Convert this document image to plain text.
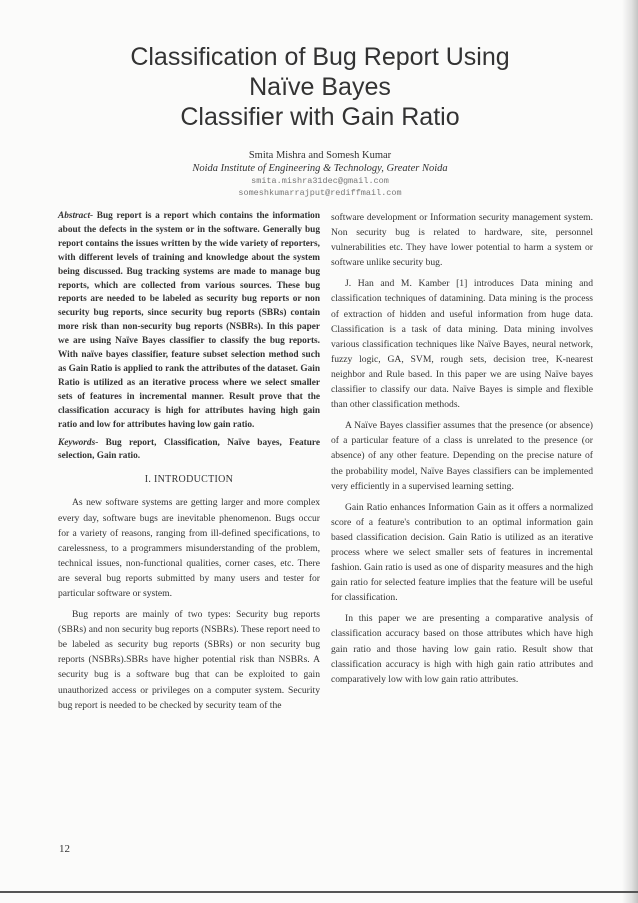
Classification of Bug Report Using
Naïve Bayes
Classifier with Gain Ratio
Smita Mishra and Somesh Kumar
Noida Institute of Engineering & Technology, Greater Noida
smita.mishra31dec@gmail.com
someshkumarrajput@rediffmail.com

Abstract- Bug report is a report which contains the information about the defects in the system or in the software. Generally bug report contains the issues written by the wide variety of reporters, with different levels of training and knowledge about the system being discussed. Bug tracking systems are made to manage bug reports, which are collected from various sources. These bug reports are needed to be labeled as security bug reports or non security bug reports, since security bug reports (SBRs) contain more risk than non-security bug reports (NSBRs). In this paper we are using Naïve Bayes classifier to classify the bug reports. With naïve bayes classifier, feature subset selection method such as Gain Ratio is applied to rank the attributes of the dataset. Gain Ratio is utilized as an iterative process where we select smaller sets of features in incremental manner. Result prove that the classification accuracy is high for attributes having high gain ratio and low for attributes having low gain ratio.

Keywords- Bug report, Classification, Naïve bayes, Feature selection, Gain ratio.

I. INTRODUCTION

As new software systems are getting larger and more complex every day, software bugs are inevitable phenomenon. Bugs occur for a variety of reasons, ranging from ill-defined specifications, to carelessness, to a programmers misunderstanding of the problem, technical issues, non-functional qualities, corner cases, etc. There are several bug reports submitted by many users and tester for particular software or system.

Bug reports are mainly of two types: Security bug reports (SBRs) and non security bug reports (NSBRs). These report need to be labeled as security bug reports (SBRs) or non security bug reports (NSBRs).SBRs have higher potential risk than NSBRs. A security bug is a software bug that can be exploited to gain unauthorized access or privileges on a computer system. Security bug report is needed to be checked by security team of the

software development or Information security management system. Non security bug is related to hardware, site, personnel vulnerabilities etc. They have lower potential to harm a system or software unlike security bug.

J. Han and M. Kamber [1] introduces Data mining and classification techniques of datamining. Data mining is the process of extraction of hidden and useful information from huge data. Classification is a task of data mining. Data mining involves various classification techniques like Naïve Bayes, neural network, fuzzy logic, GA, SVM, rough sets, decision tree, K-nearest neighbor and Rule based. In this paper we are using Naïve bayes classifier to classify our data. Naïve Bayes is simple and flexible than other classification methods.

A Naïve Bayes classifier assumes that the presence (or absence) of a particular feature of a class is unrelated to the presence (or absence) of any other feature. Depending on the precise nature of the probability model, Naïve Bayes classifiers can be implemented very efficiently in a supervised learning setting.

Gain Ratio enhances Information Gain as it offers a normalized score of a feature's contribution to an optimal information gain based classification decision. Gain Ratio is utilized as an iterative process where we select smaller sets of features in incremental fashion. Gain ratio is used as one of disparity measures and the high gain ratio for selected feature implies that the feature will be useful for classification.

In this paper we are presenting a comparative analysis of classification accuracy based on those attributes which have high gain ratio and those having low gain ratio. Result show that classification accuracy is high with high gain ratio attributes and comparatively low with low gain ratio attributes.

12
